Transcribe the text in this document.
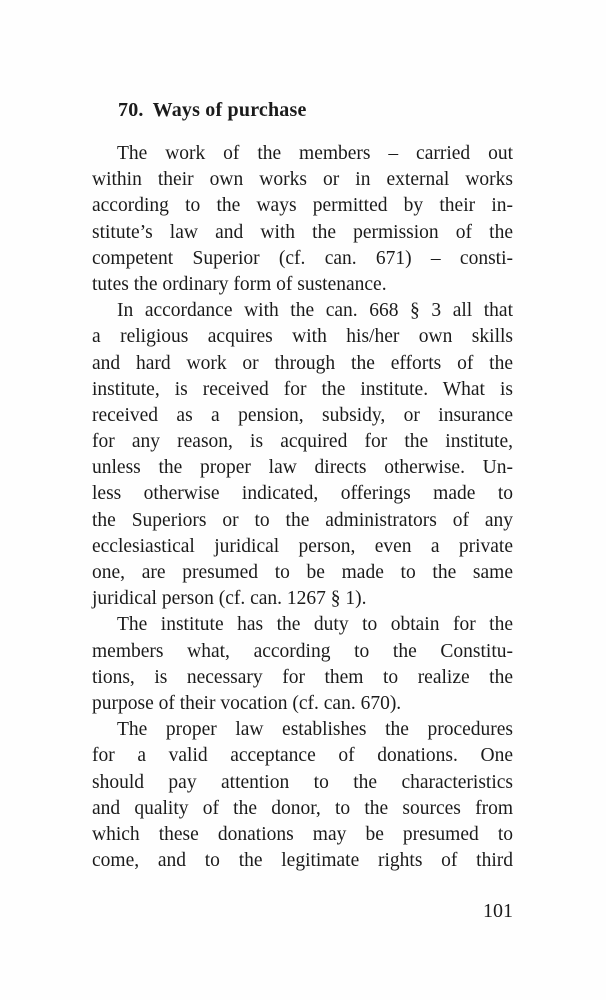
70. Ways of purchase
The work of the members – carried out
within their own works or in external works
according to the ways permitted by their in-
stitute’s law and with the permission of the
competent Superior (cf. can. 671) – consti-
tutes the ordinary form of sustenance.
In accordance with the can. 668 § 3 all that
a religious acquires with his/her own skills
and hard work or through the efforts of the
institute, is received for the institute. What is
received as a pension, subsidy, or insurance
for any reason, is acquired for the institute,
unless the proper law directs otherwise. Un-
less otherwise indicated, offerings made to
the Superiors or to the administrators of any
ecclesiastical juridical person, even a private
one, are presumed to be made to the same
juridical person (cf. can. 1267 § 1).
The institute has the duty to obtain for the
members what, according to the Constitu-
tions, is necessary for them to realize the
purpose of their vocation (cf. can. 670).
The proper law establishes the procedures
for a valid acceptance of donations. One
should pay attention to the characteristics
and quality of the donor, to the sources from
which these donations may be presumed to
come, and to the legitimate rights of third
101
